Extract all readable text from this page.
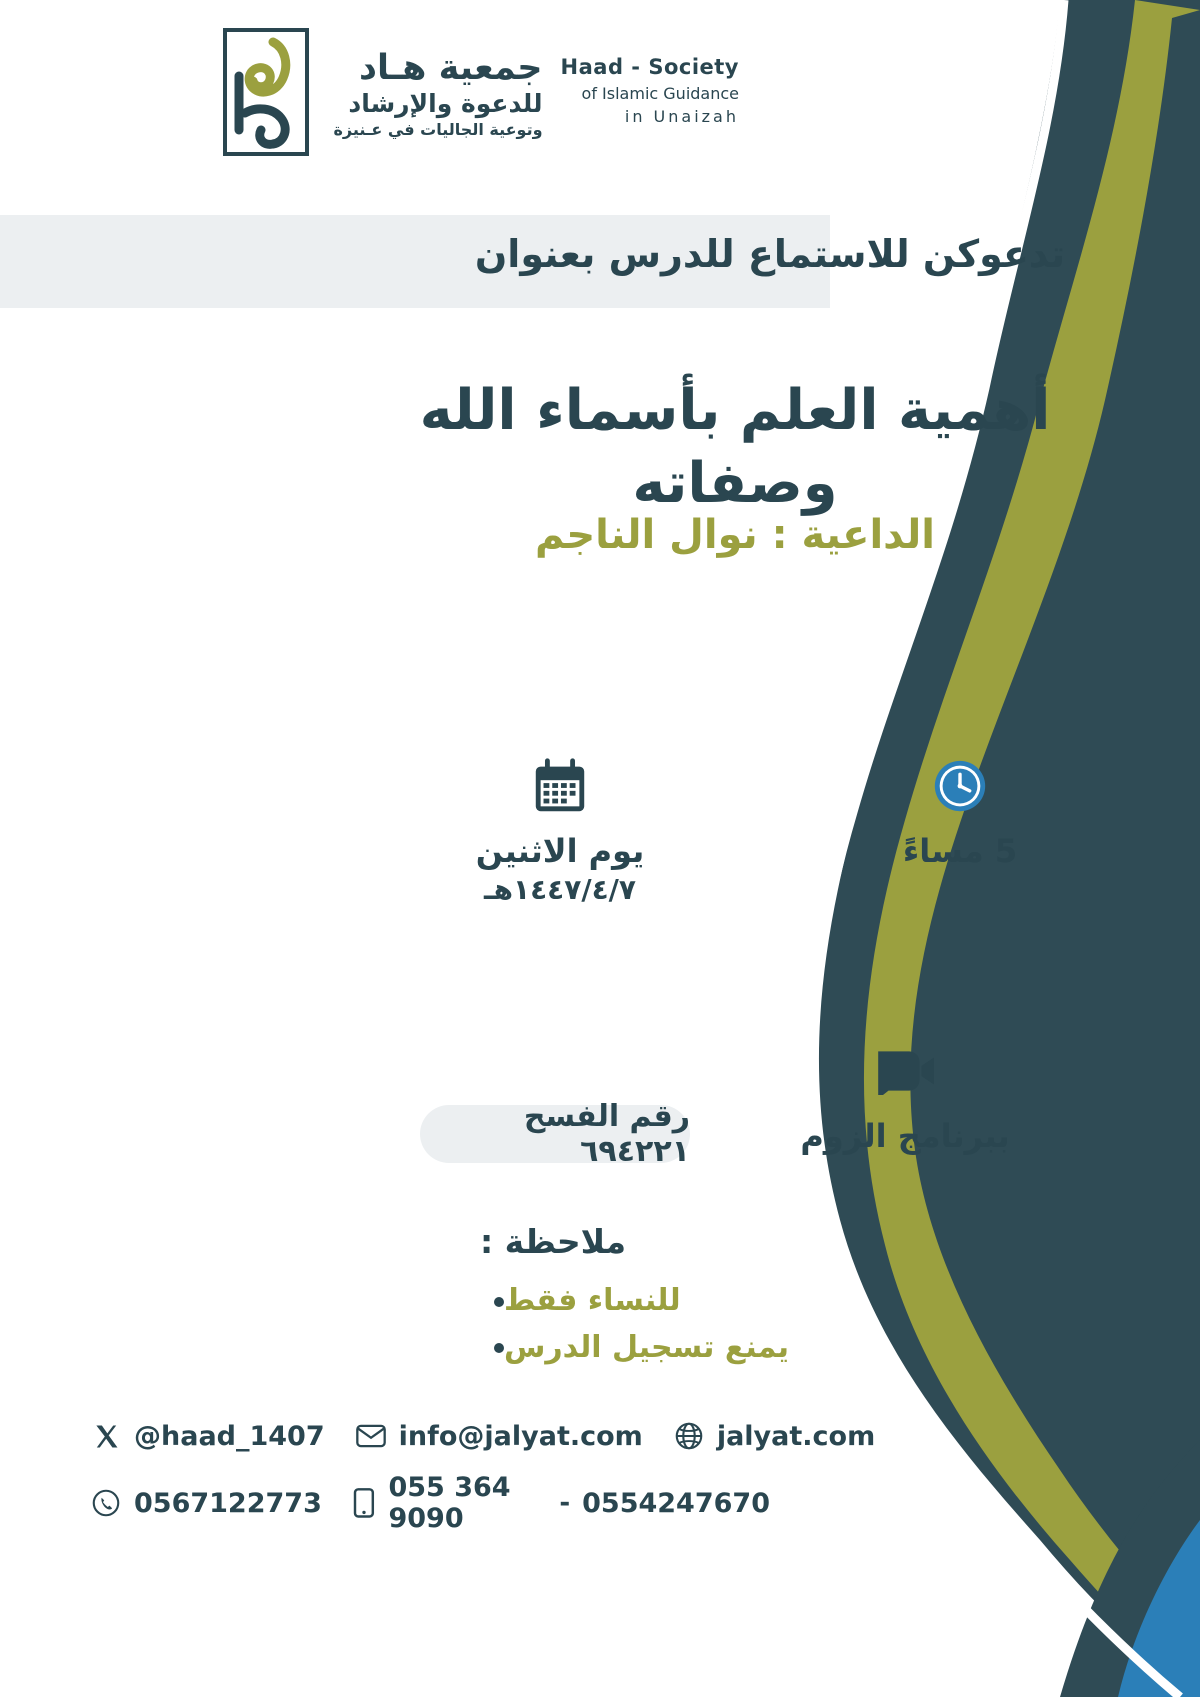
جمعية هـاد
للدعوة والإرشاد
وتوعية الجاليات في عـنيزة
Haad - Society
of Islamic Guidance
in Unaizah
تدعوكن للاستماع للدرس بعنوان
أهمية العلم بأسماء الله وصفاته
الداعية : نوال الناجم
5 مساءً
يوم الاثنين
١٤٤٧/٤/٧هـ
ببرنامج الزوم
رقم الفسح ٦٩٤٢٢١
ملاحظة :
للنساء فقط
يمنع تسجيل الدرس
@haad_1407	info@jalyat.com	jalyat.com
0567122773 055 364 9090	- 0554247670
